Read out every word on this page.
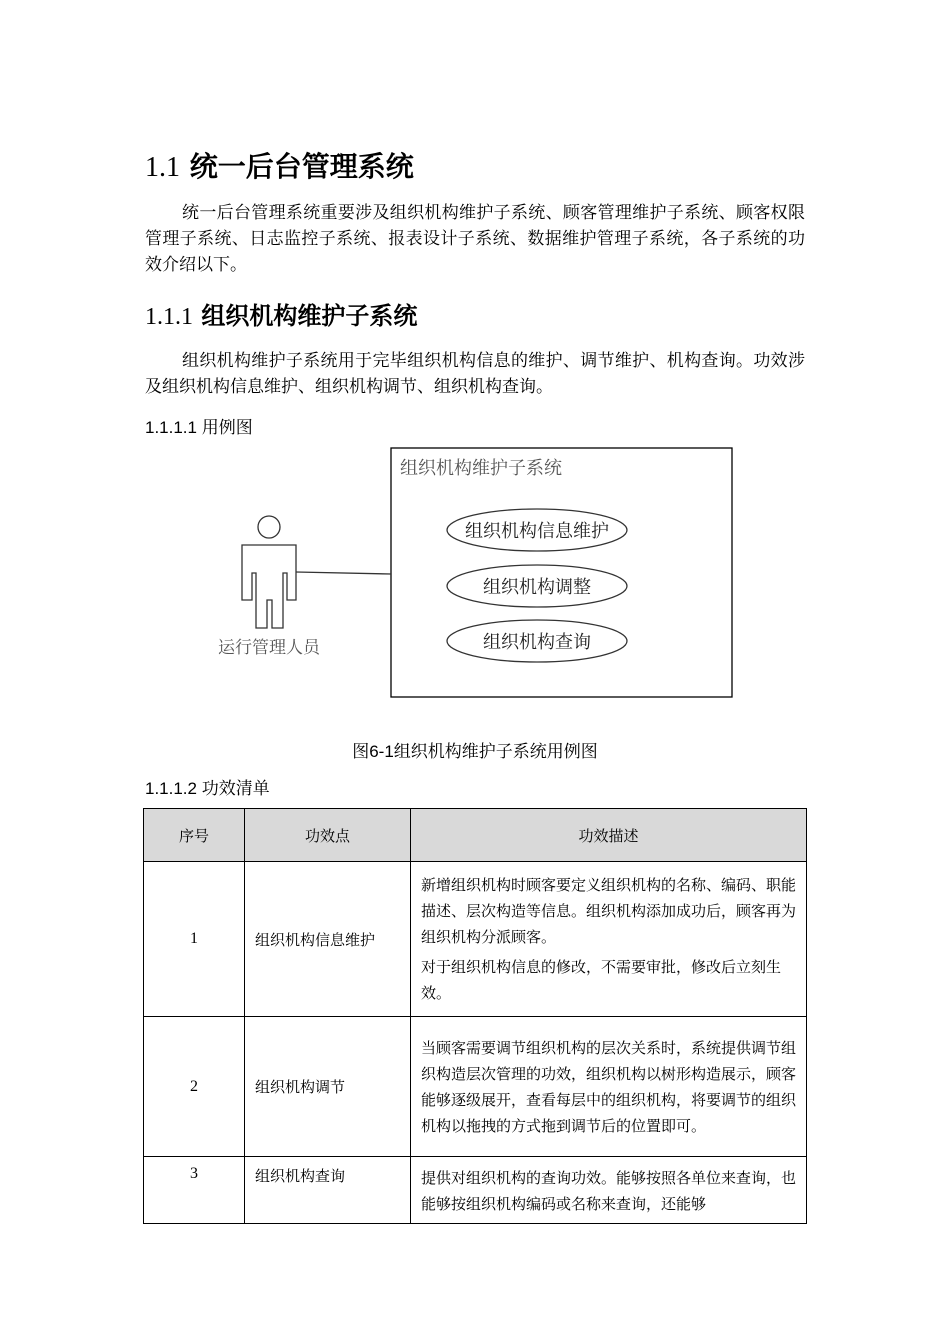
1.1 统一后台管理系统
统一后台管理系统重要涉及组织机构维护子系统、顾客管理维护子系统、顾客权限管理子系统、日志监控子系统、报表设计子系统、数据维护管理子系统，各子系统的功效介绍以下。
1.1.1 组织机构维护子系统
组织机构维护子系统用于完毕组织机构信息的维护、调节维护、机构查询。功效涉及组织机构信息维护、组织机构调节、组织机构查询。
1.1.1.1 用例图
组织机构维护子系统
运行管理人员
组织机构信息维护
组织机构调整
组织机构查询
图6-1组织机构维护子系统用例图
1.1.1.2 功效清单
序号	功效点	功效描述
1	组织机构信息维护	新增组织机构时顾客要定义组织机构的名称、编码、职能描述、层次构造等信息。组织机构添加成功后，顾客再为组织机构分派顾客。

对于组织机构信息的修改，不需要审批，修改后立刻生效。

2	组织机构调节	当顾客需要调节组织机构的层次关系时，系统提供调节组织构造层次管理的功效，组织机构以树形构造展示，顾客能够逐级展开，查看每层中的组织机构，将要调节的组织机构以拖拽的方式拖到调节后的位置即可。

3	组织机构查询	提供对组织机构的查询功效。能够按照各单位来查询，也能够按组织机构编码或名称来查询，还能够
